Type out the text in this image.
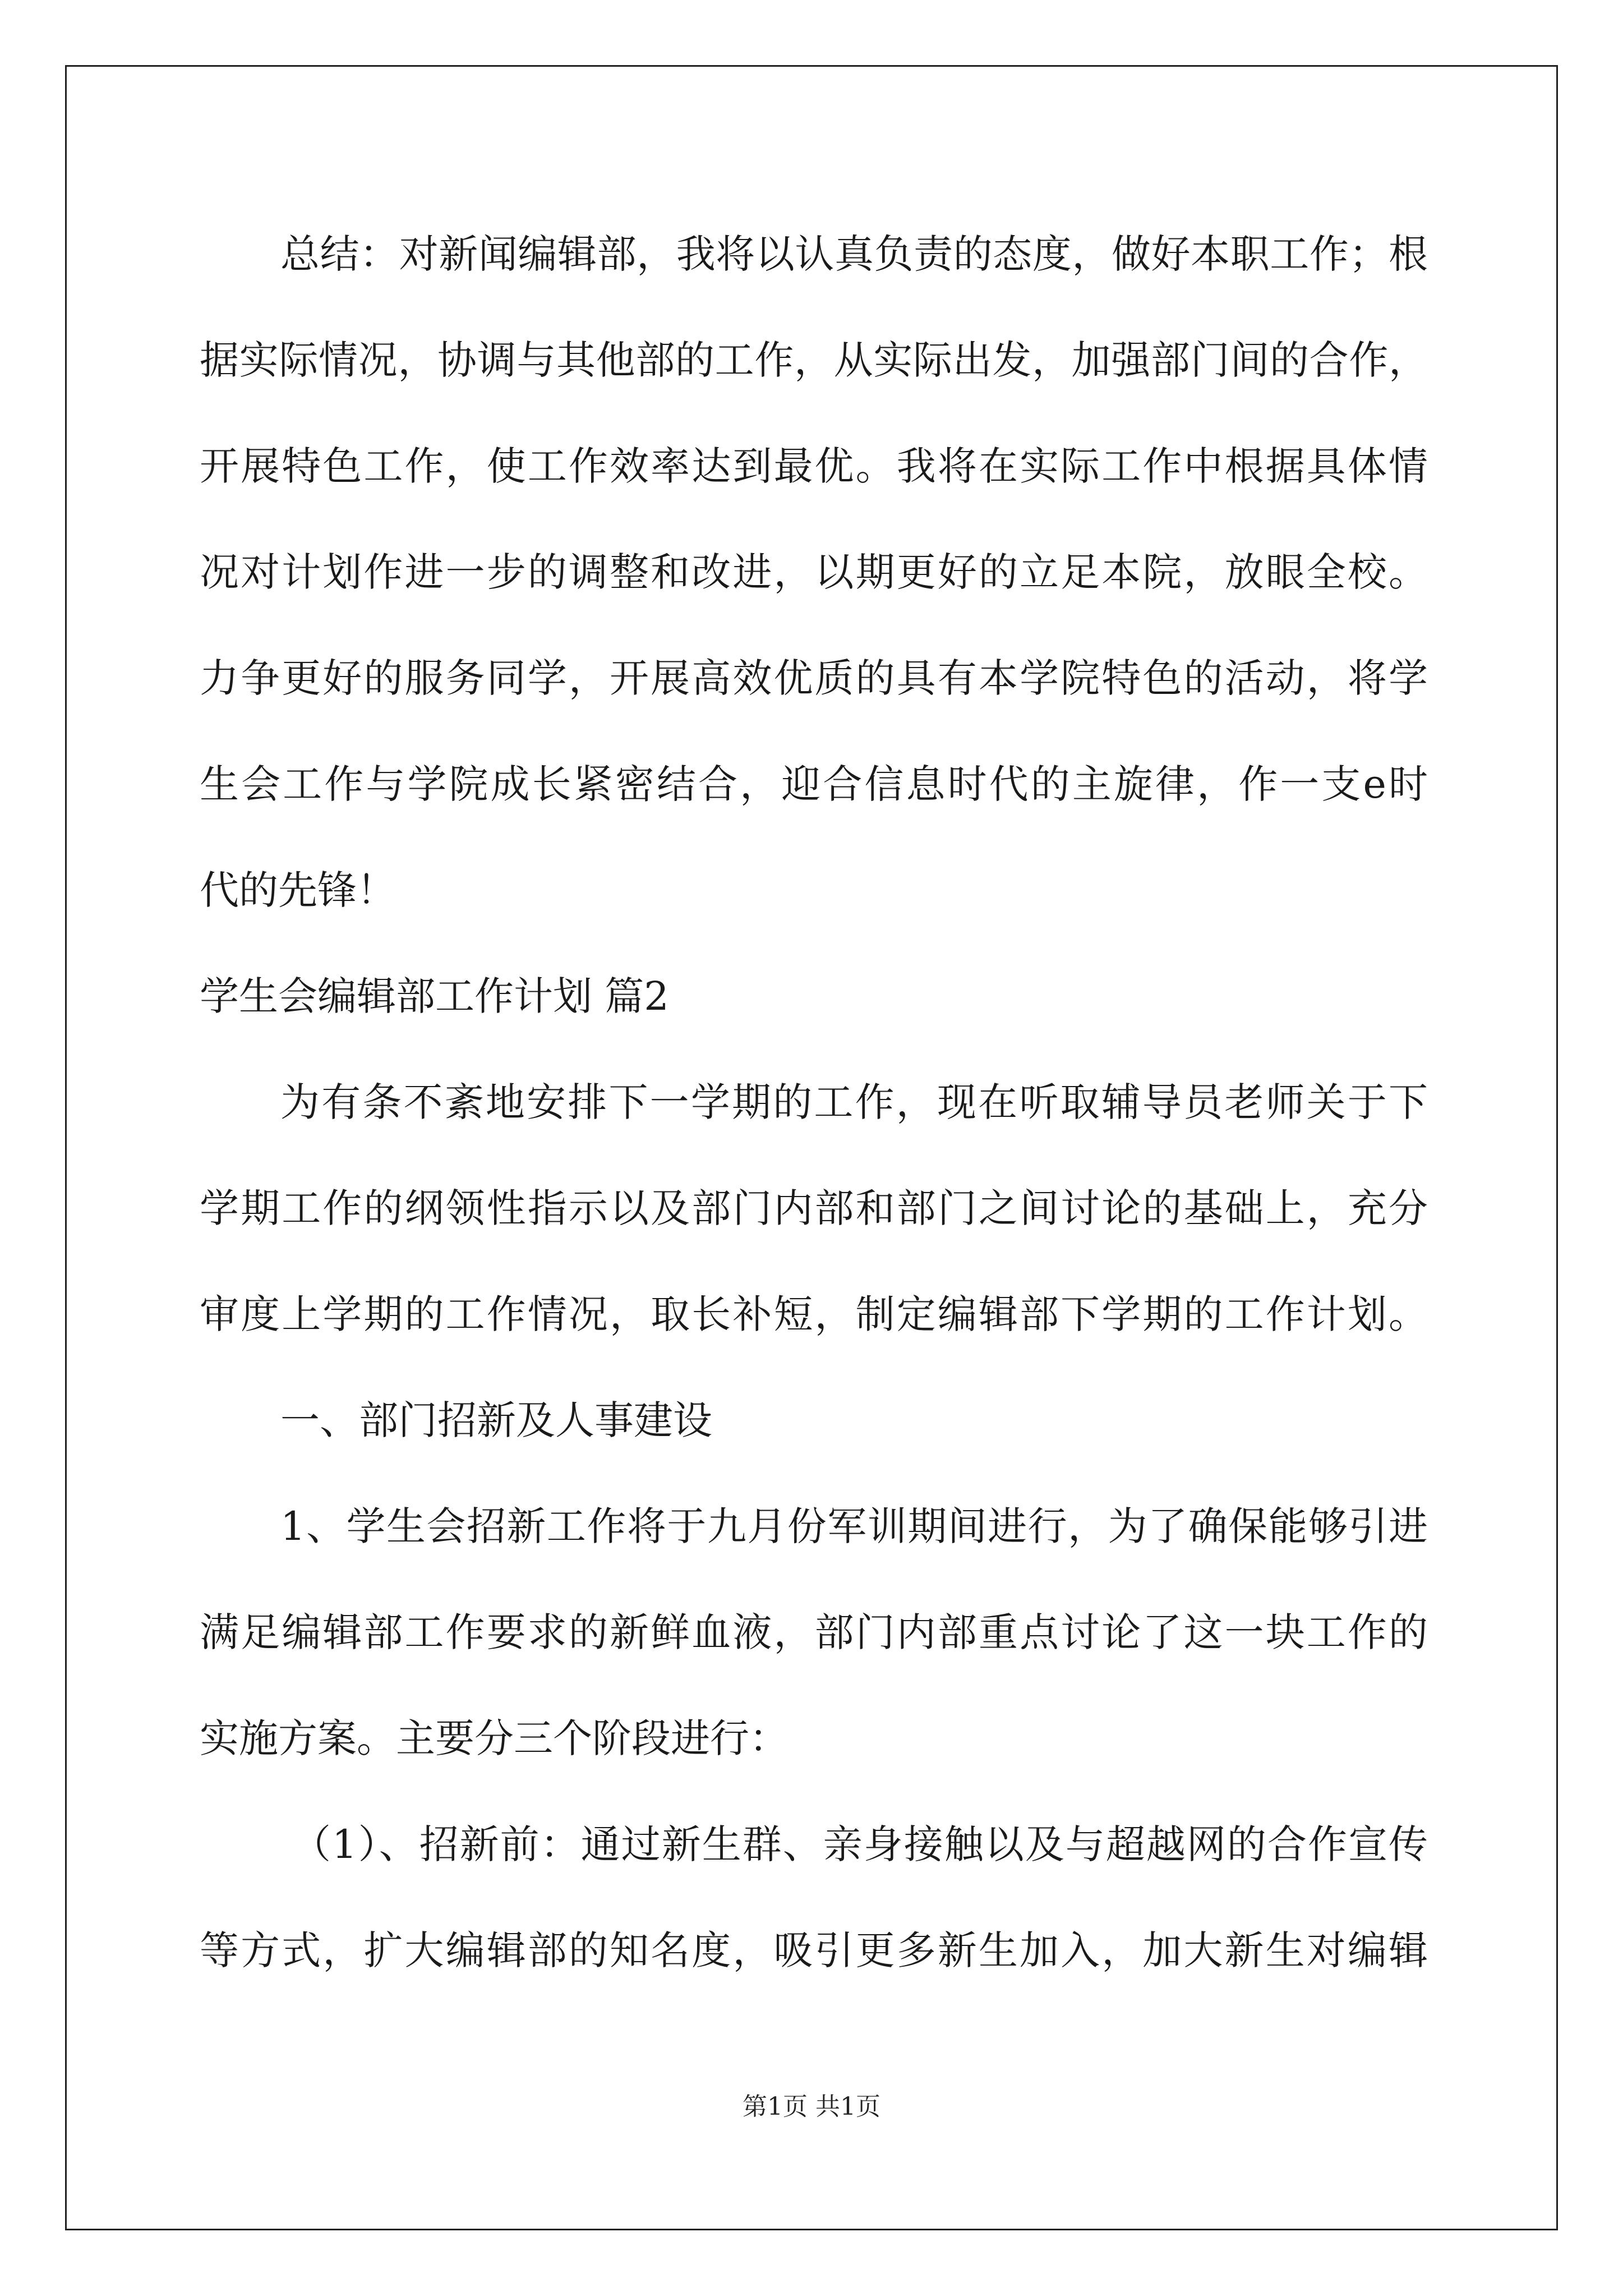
总结：对新闻编辑部，我将以认真负责的态度，做好本职工作；根
据实际情况，协调与其他部的工作，从实际出发，加强部门间的合作，
开展特色工作，使工作效率达到最优。我将在实际工作中根据具体情
况对计划作进一步的调整和改进，以期更好的立足本院，放眼全校。
力争更好的服务同学，开展高效优质的具有本学院特色的活动，将学
生会工作与学院成长紧密结合，迎合信息时代的主旋律，作一支e时
代的先锋！
学生会编辑部工作计划 篇2
为有条不紊地安排下一学期的工作，现在听取辅导员老师关于下
学期工作的纲领性指示以及部门内部和部门之间讨论的基础上，充分
审度上学期的工作情况，取长补短，制定编辑部下学期的工作计划。
一、部门招新及人事建设
1、学生会招新工作将于九月份军训期间进行，为了确保能够引进
满足编辑部工作要求的新鲜血液，部门内部重点讨论了这一块工作的
实施方案。主要分三个阶段进行：
（1）、招新前：通过新生群、亲身接触以及与超越网的合作宣传
等方式，扩大编辑部的知名度，吸引更多新生加入，加大新生对编辑
第1页 共1页
